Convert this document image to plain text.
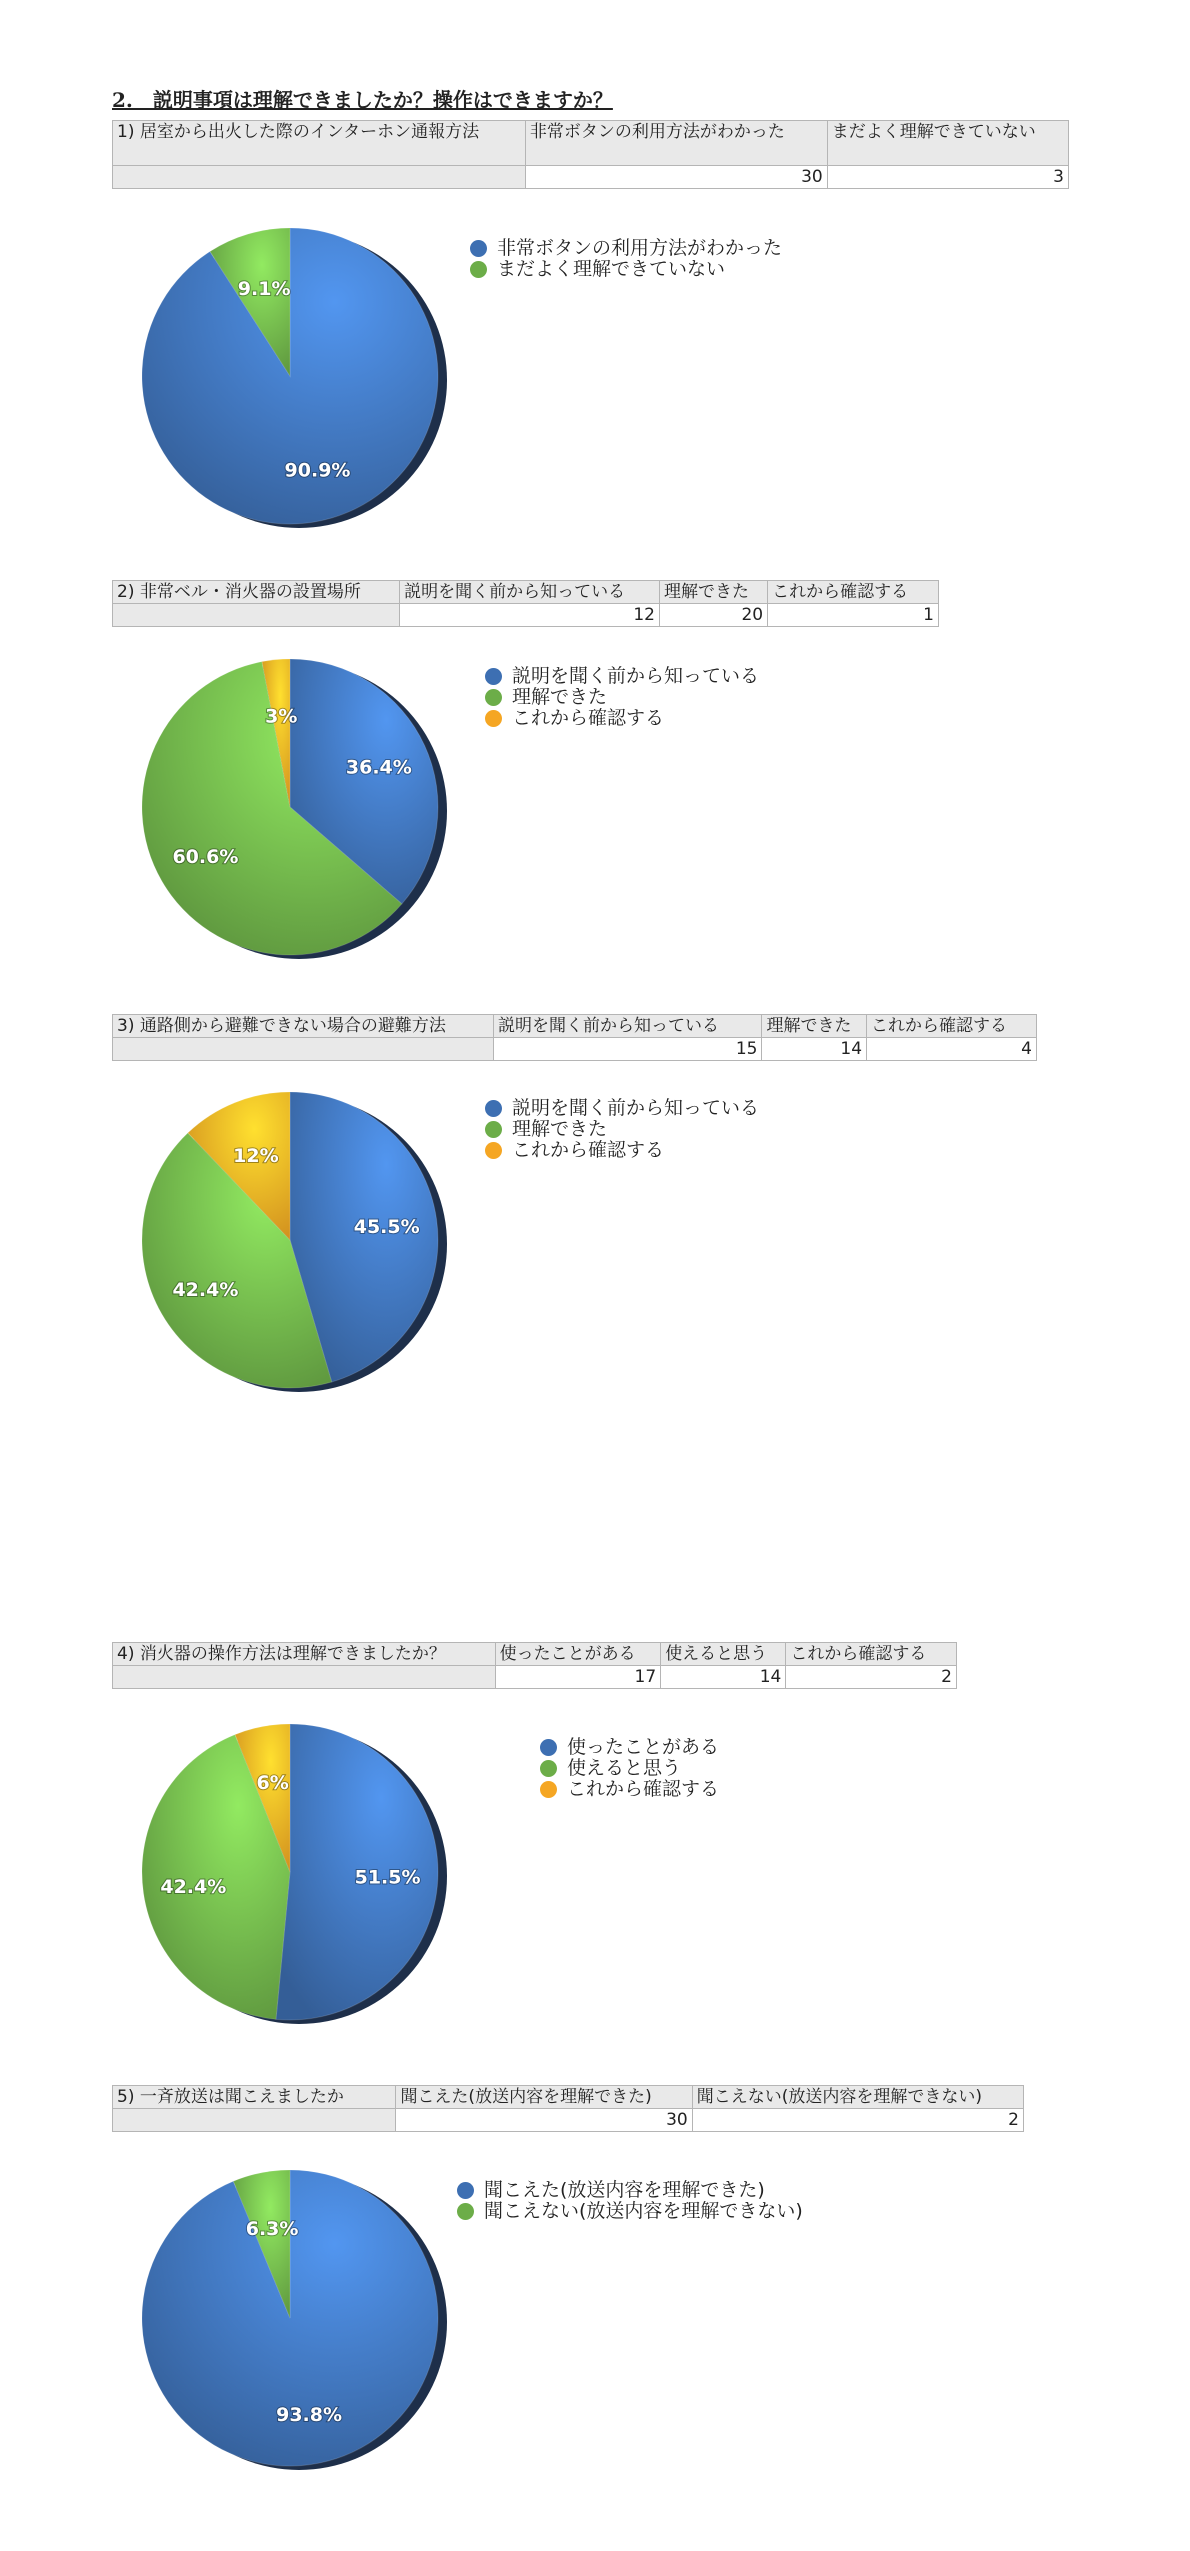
2.　説明事項は理解できましたか？操作はできますか？
1) 居室から出火した際のインターホン通報方法	非常ボタンの利用方法がわかった	まだよく理解できていない
	30	3
90.9%
9.1%
非常ボタンの利用方法がわかった
まだよく理解できていない
2) 非常ベル・消火器の設置場所	説明を聞く前から知っている	理解できた	これから確認する
	12	20	1
36.4%
60.6%
3%
説明を聞く前から知っている
理解できた
これから確認する
3) 通路側から避難できない場合の避難方法	説明を聞く前から知っている	理解できた	これから確認する
	15	14	4
45.5%
42.4%
12%
説明を聞く前から知っている
理解できた
これから確認する
4) 消火器の操作方法は理解できましたか？	使ったことがある	使えると思う	これから確認する
	17	14	2
51.5%
42.4%
6%
使ったことがある
使えると思う
これから確認する
5) 一斉放送は聞こえましたか	聞こえた(放送内容を理解できた)	聞こえない(放送内容を理解できない)
	30	2
93.8%
6.3%
聞こえた(放送内容を理解できた)
聞こえない(放送内容を理解できない)
